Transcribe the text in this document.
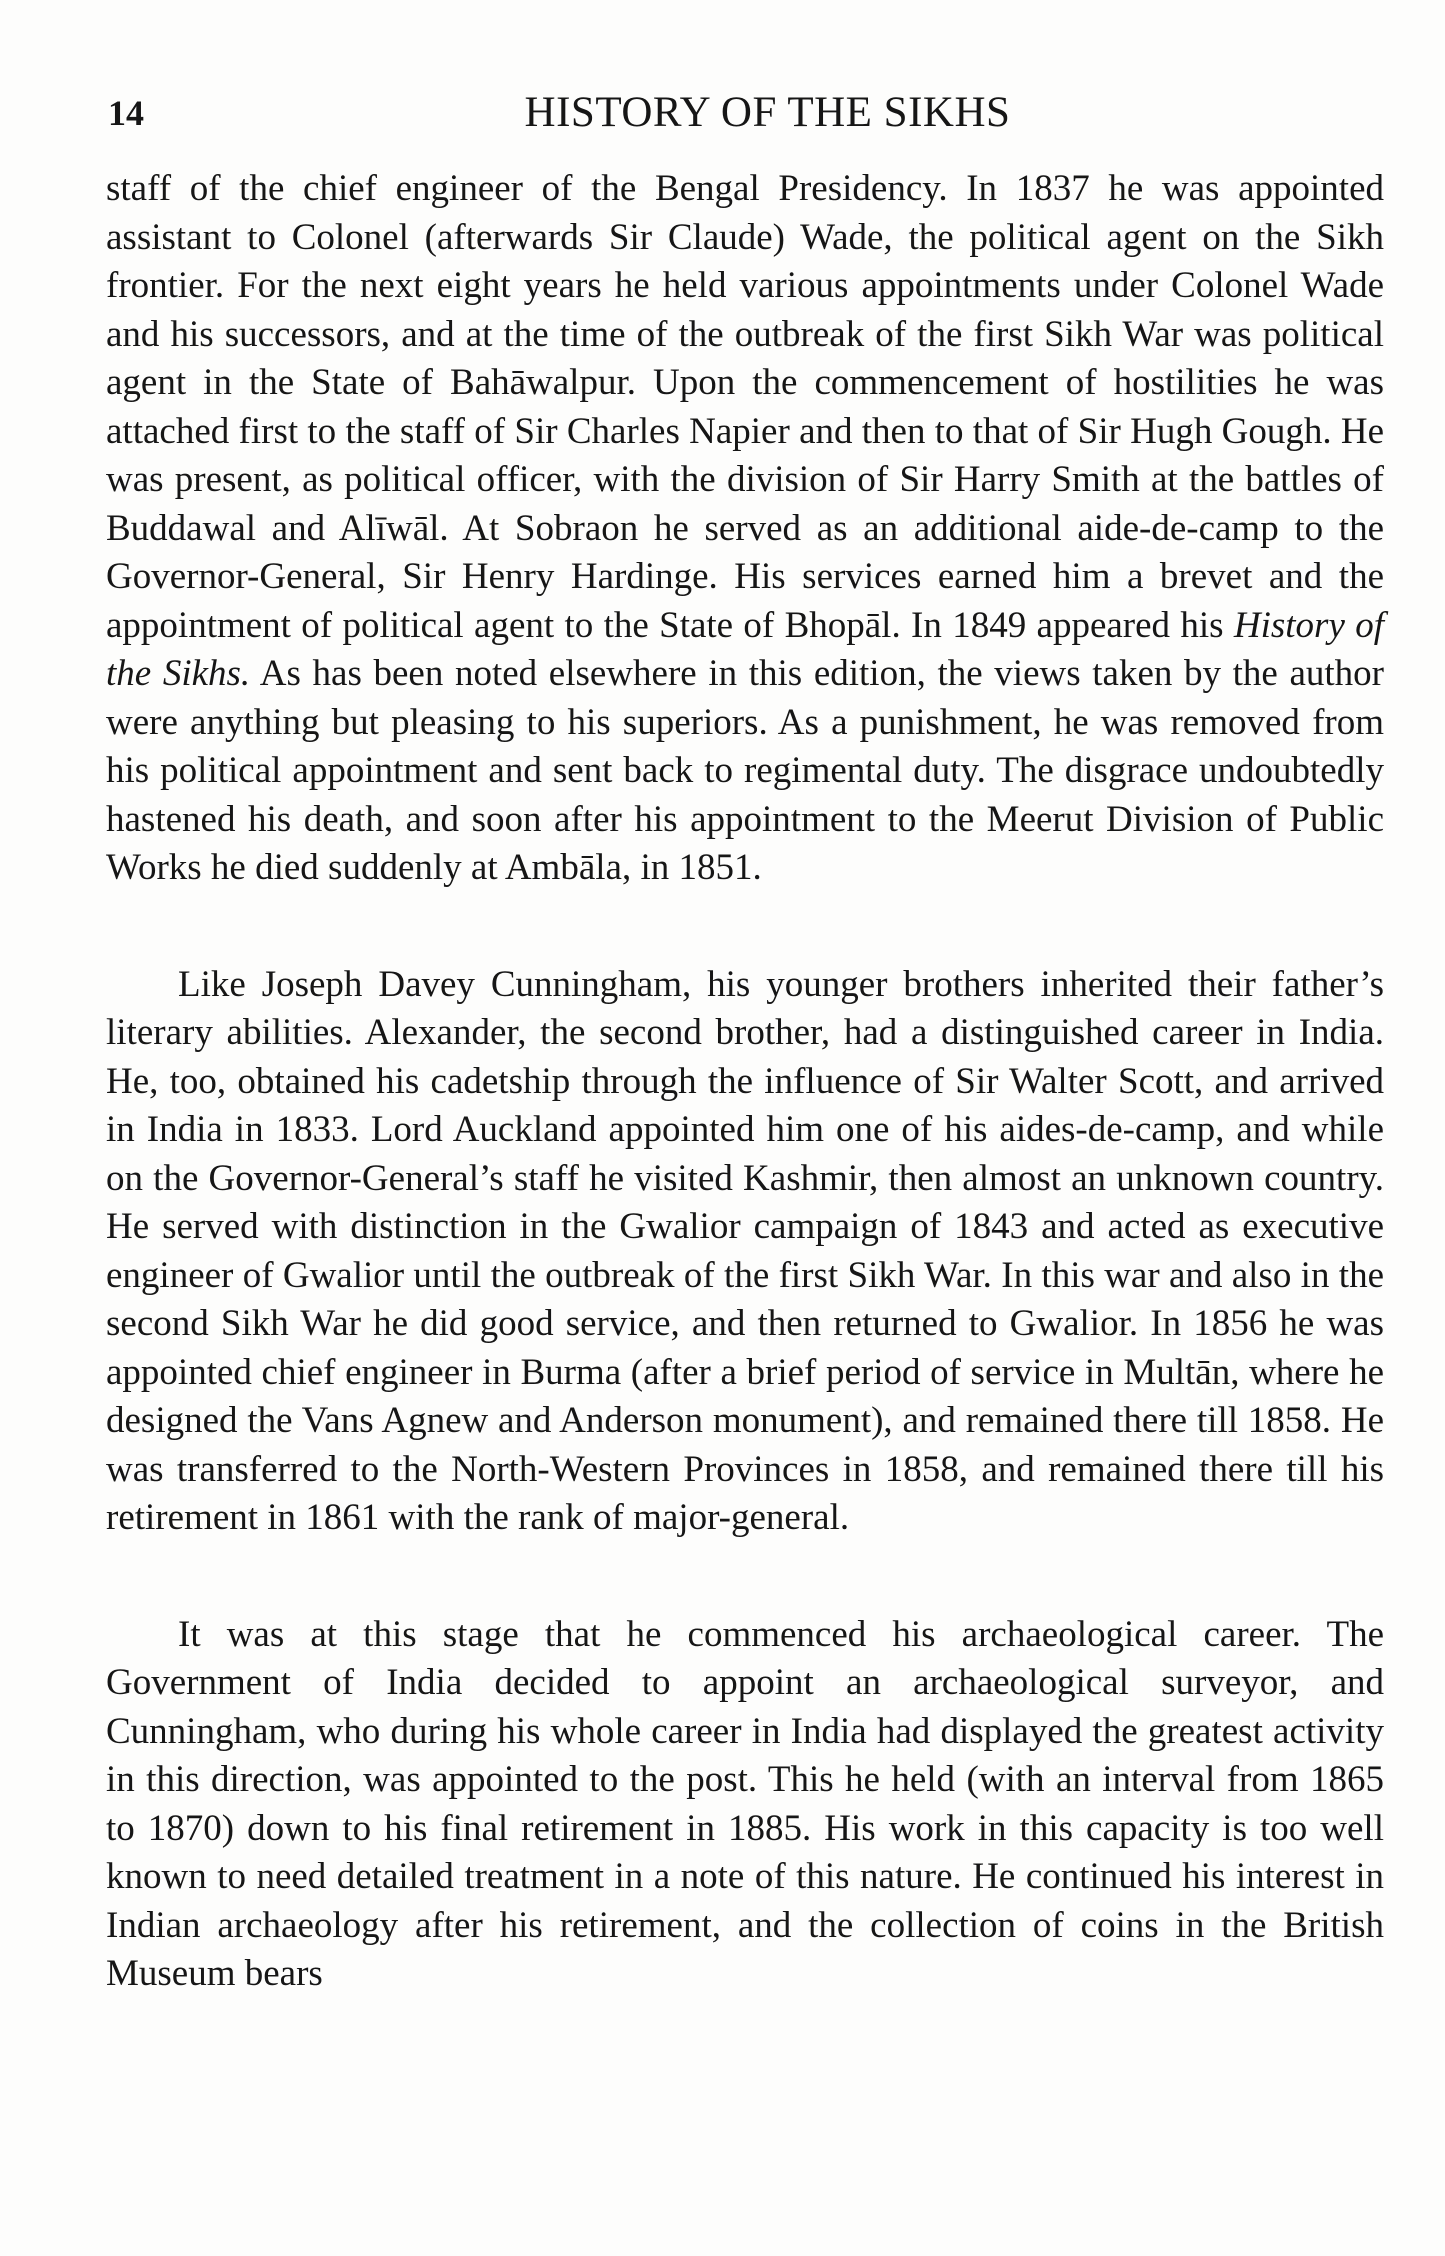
14	HISTORY OF THE SIKHS

staff of the chief engineer of the Bengal Presidency. In 1837 he was appointed assistant to Colonel (afterwards Sir Claude) Wade, the political agent on the Sikh frontier. For the next eight years he held various appointments under Colonel Wade and his successors, and at the time of the outbreak of the first Sikh War was political agent in the State of Bahāwalpur. Upon the commencement of hostilities he was attached first to the staff of Sir Charles Napier and then to that of Sir Hugh Gough. He was present, as political officer, with the division of Sir Harry Smith at the battles of Buddawal and Alīwāl. At Sobraon he served as an additional aide-de-camp to the Governor-General, Sir Henry Hardinge. His services earned him a brevet and the appointment of political agent to the State of Bhopāl. In 1849 appeared his History of the Sikhs. As has been noted elsewhere in this edition, the views taken by the author were anything but pleasing to his superiors. As a punishment, he was removed from his political appointment and sent back to regimental duty. The disgrace undoubtedly hastened his death, and soon after his appointment to the Meerut Division of Public Works he died suddenly at Ambāla, in 1851.

Like Joseph Davey Cunningham, his younger brothers inherited their father’s literary abilities. Alexander, the second brother, had a distinguished career in India. He, too, obtained his cadetship through the influence of Sir Walter Scott, and arrived in India in 1833. Lord Auckland appointed him one of his aides-de-camp, and while on the Governor-General’s staff he visited Kashmir, then almost an unknown country. He served with distinction in the Gwalior campaign of 1843 and acted as executive engineer of Gwalior until the outbreak of the first Sikh War. In this war and also in the second Sikh War he did good service, and then returned to Gwalior. In 1856 he was appointed chief engineer in Burma (after a brief period of service in Multān, where he designed the Vans Agnew and Anderson monument), and remained there till 1858. He was transferred to the North-Western Provinces in 1858, and remained there till his retirement in 1861 with the rank of major-general.

It was at this stage that he commenced his archaeological career. The Government of India decided to appoint an archaeological surveyor, and Cunningham, who during his whole career in India had displayed the greatest activity in this direction, was appointed to the post. This he held (with an interval from 1865 to 1870) down to his final retirement in 1885. His work in this capacity is too well known to need detailed treatment in a note of this nature. He continued his interest in Indian archaeology after his retirement, and the collection of coins in the British Museum bears
